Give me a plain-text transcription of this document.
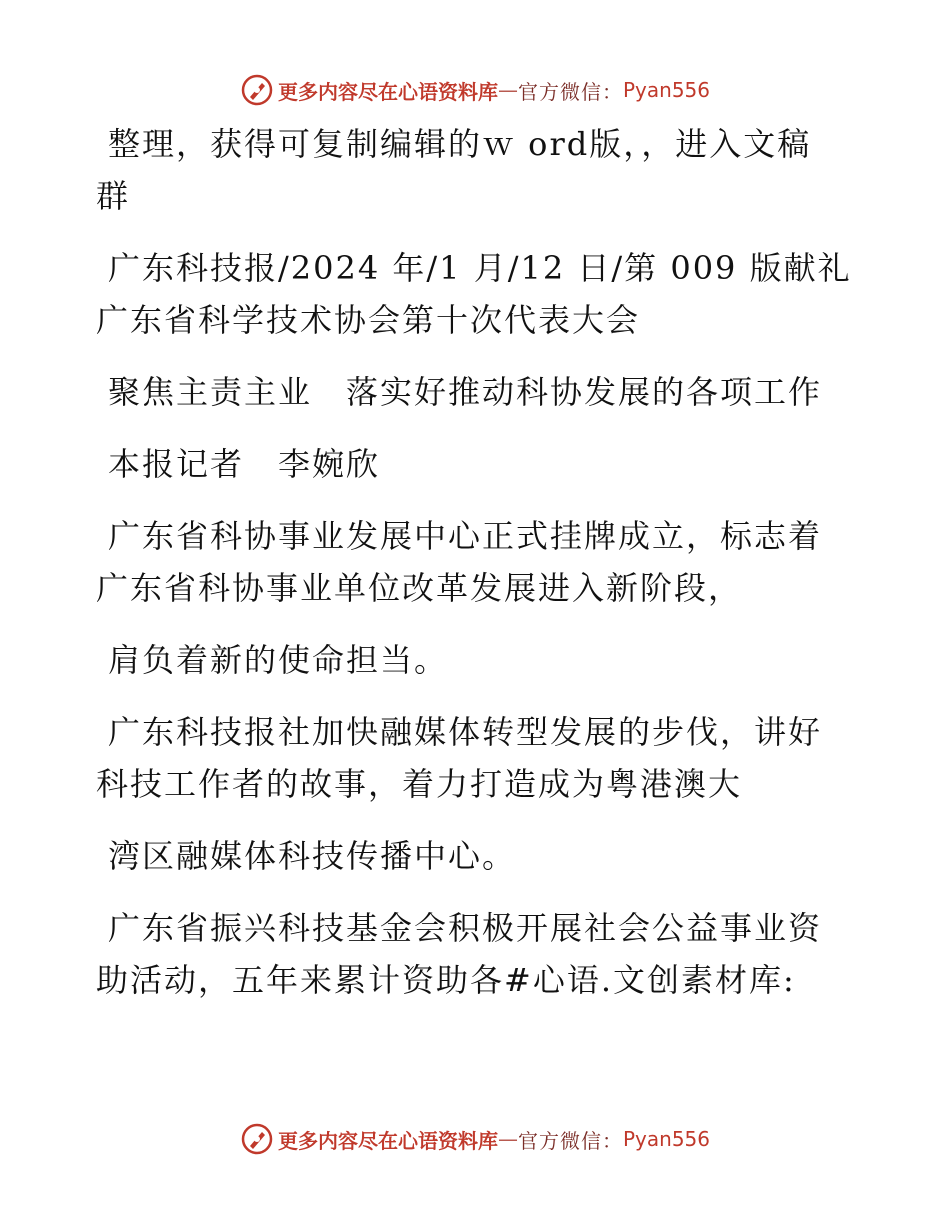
更多内容尽在心语资料库 — 官方微信： Pyan556

整理，获得可复制编辑的ｗ ord版，，进入文稿
群

广东科技报/2024 年/1 月/12 日/第 009 版献礼
广东省科学技术协会第十次代表大会

聚焦主责主业　落实好推动科协发展的各项工作

本报记者　李婉欣

广东省科协事业发展中心正式挂牌成立，标志着
广东省科协事业单位改革发展进入新阶段，

肩负着新的使命担当。

广东科技报社加快融媒体转型发展的步伐，讲好
科技工作者的故事，着力打造成为粤港澳大

湾区融媒体科技传播中心。

广东省振兴科技基金会积极开展社会公益事业资
助活动，五年来累计资助各#心语.文创素材库:

更多内容尽在心语资料库 — 官方微信： Pyan556
